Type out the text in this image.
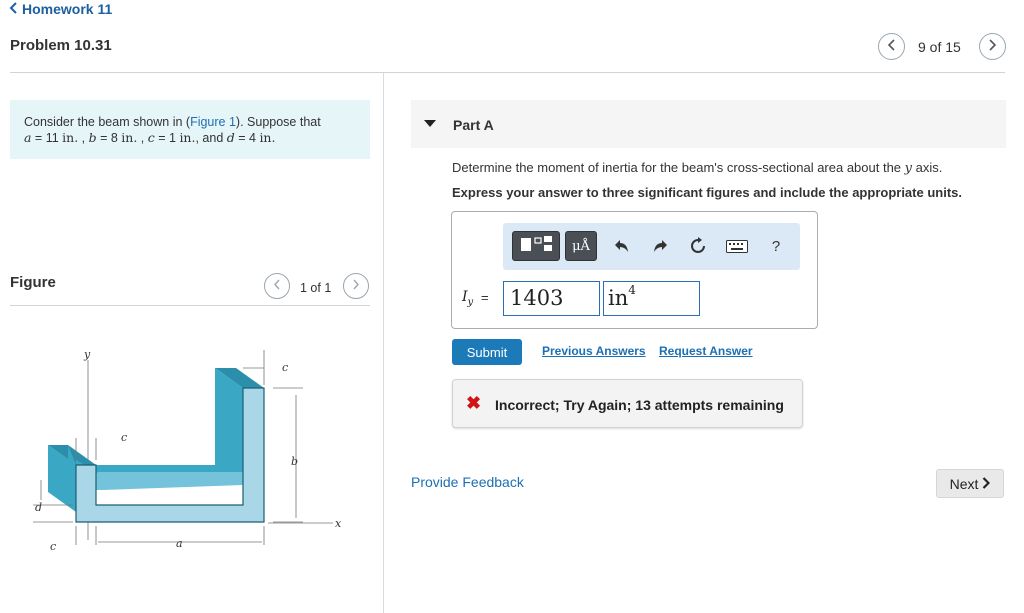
Homework 11
Problem 10.31	9 of 15
Consider the beam shown in (Figure 1). Suppose that
a = 11 in. , b = 8 in. , c = 1 in., and d = 4 in.
Figure	1 of 1
c
b
c
d
c	a
y
x
Part A
Determine the moment of inertia for the beam's cross-sectional area about the y axis.
Express your answer to three significant figures and include the appropriate units.
μÅ	?
$I_y$ =	1403	$in^4$
Submit	Previous Answers Request Answer
✖ Incorrect; Try Again; 13 attempts remaining
Provide Feedback	Next
